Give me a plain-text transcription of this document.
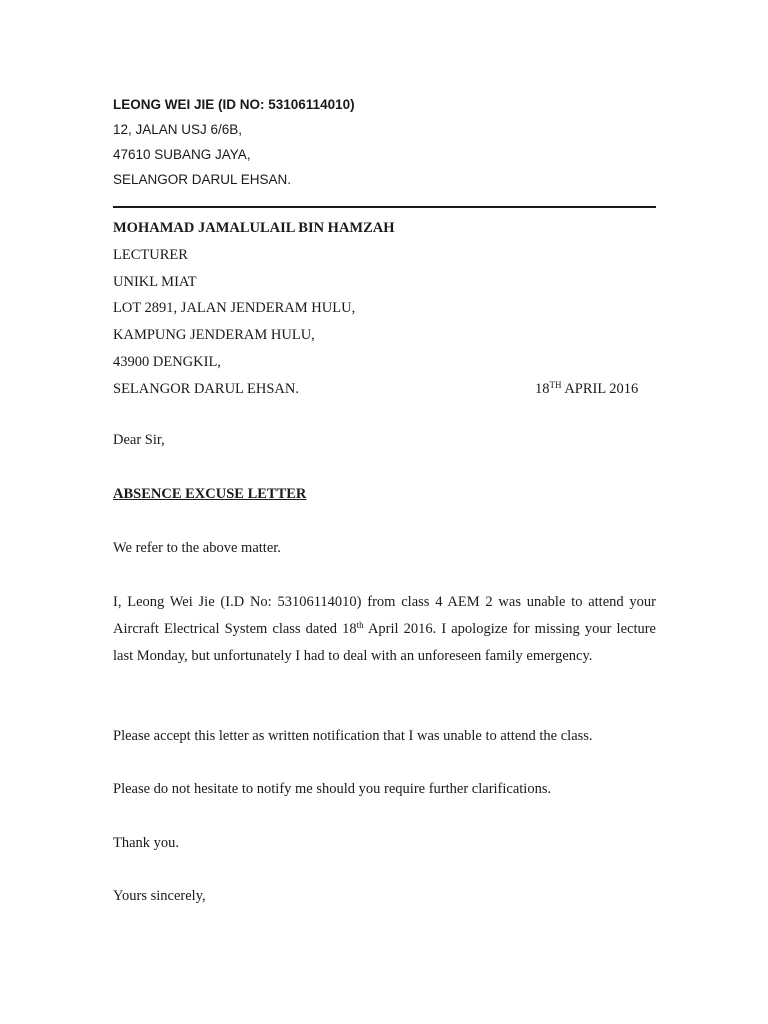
LEONG WEI JIE (ID NO: 53106114010)
12, JALAN USJ 6/6B,
47610 SUBANG JAYA,
SELANGOR DARUL EHSAN.
MOHAMAD JAMALULAIL BIN HAMZAH
LECTURER
UNIKL MIAT
LOT 2891, JALAN JENDERAM HULU,
KAMPUNG JENDERAM HULU,
43900 DENGKIL,
SELANGOR DARUL EHSAN.	18TH APRIL 2016
Dear Sir,
ABSENCE EXCUSE LETTER
We refer to the above matter.
I, Leong Wei Jie (I.D No: 53106114010) from class 4 AEM 2 was unable to attend your Aircraft Electrical System class dated 18th April 2016. I apologize for missing your lecture last Monday, but unfortunately I had to deal with an unforeseen family emergency.
Please accept this letter as written notification that I was unable to attend the class.
Please do not hesitate to notify me should you require further clarifications.
Thank you.
Yours sincerely,
